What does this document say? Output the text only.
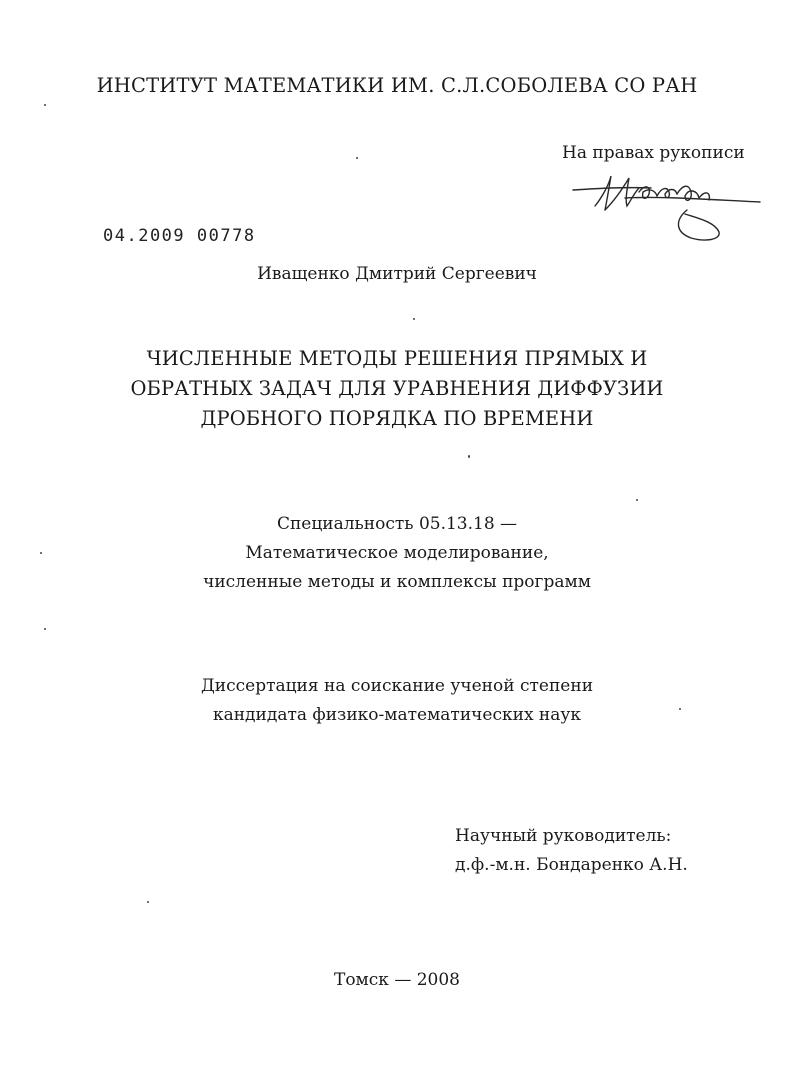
ИНСТИТУТ МАТЕМАТИКИ ИМ. С.Л.СОБОЛЕВА СО РАН
На правах рукописи
04.2009 00778
Иващенко Дмитрий Сергеевич
ЧИСЛЕННЫЕ МЕТОДЫ РЕШЕНИЯ ПРЯМЫХ И
ОБРАТНЫХ ЗАДАЧ ДЛЯ УРАВНЕНИЯ ДИФФУЗИИ
ДРОБНОГО ПОРЯДКА ПО ВРЕМЕНИ
Специальность 05.13.18 —
Математическое моделирование,
численные методы и комплексы программ
Диссертация на соискание ученой степени
кандидата физико-математических наук
Научный руководитель:
д.ф.-м.н. Бондаренко А.Н.
Томск — 2008
